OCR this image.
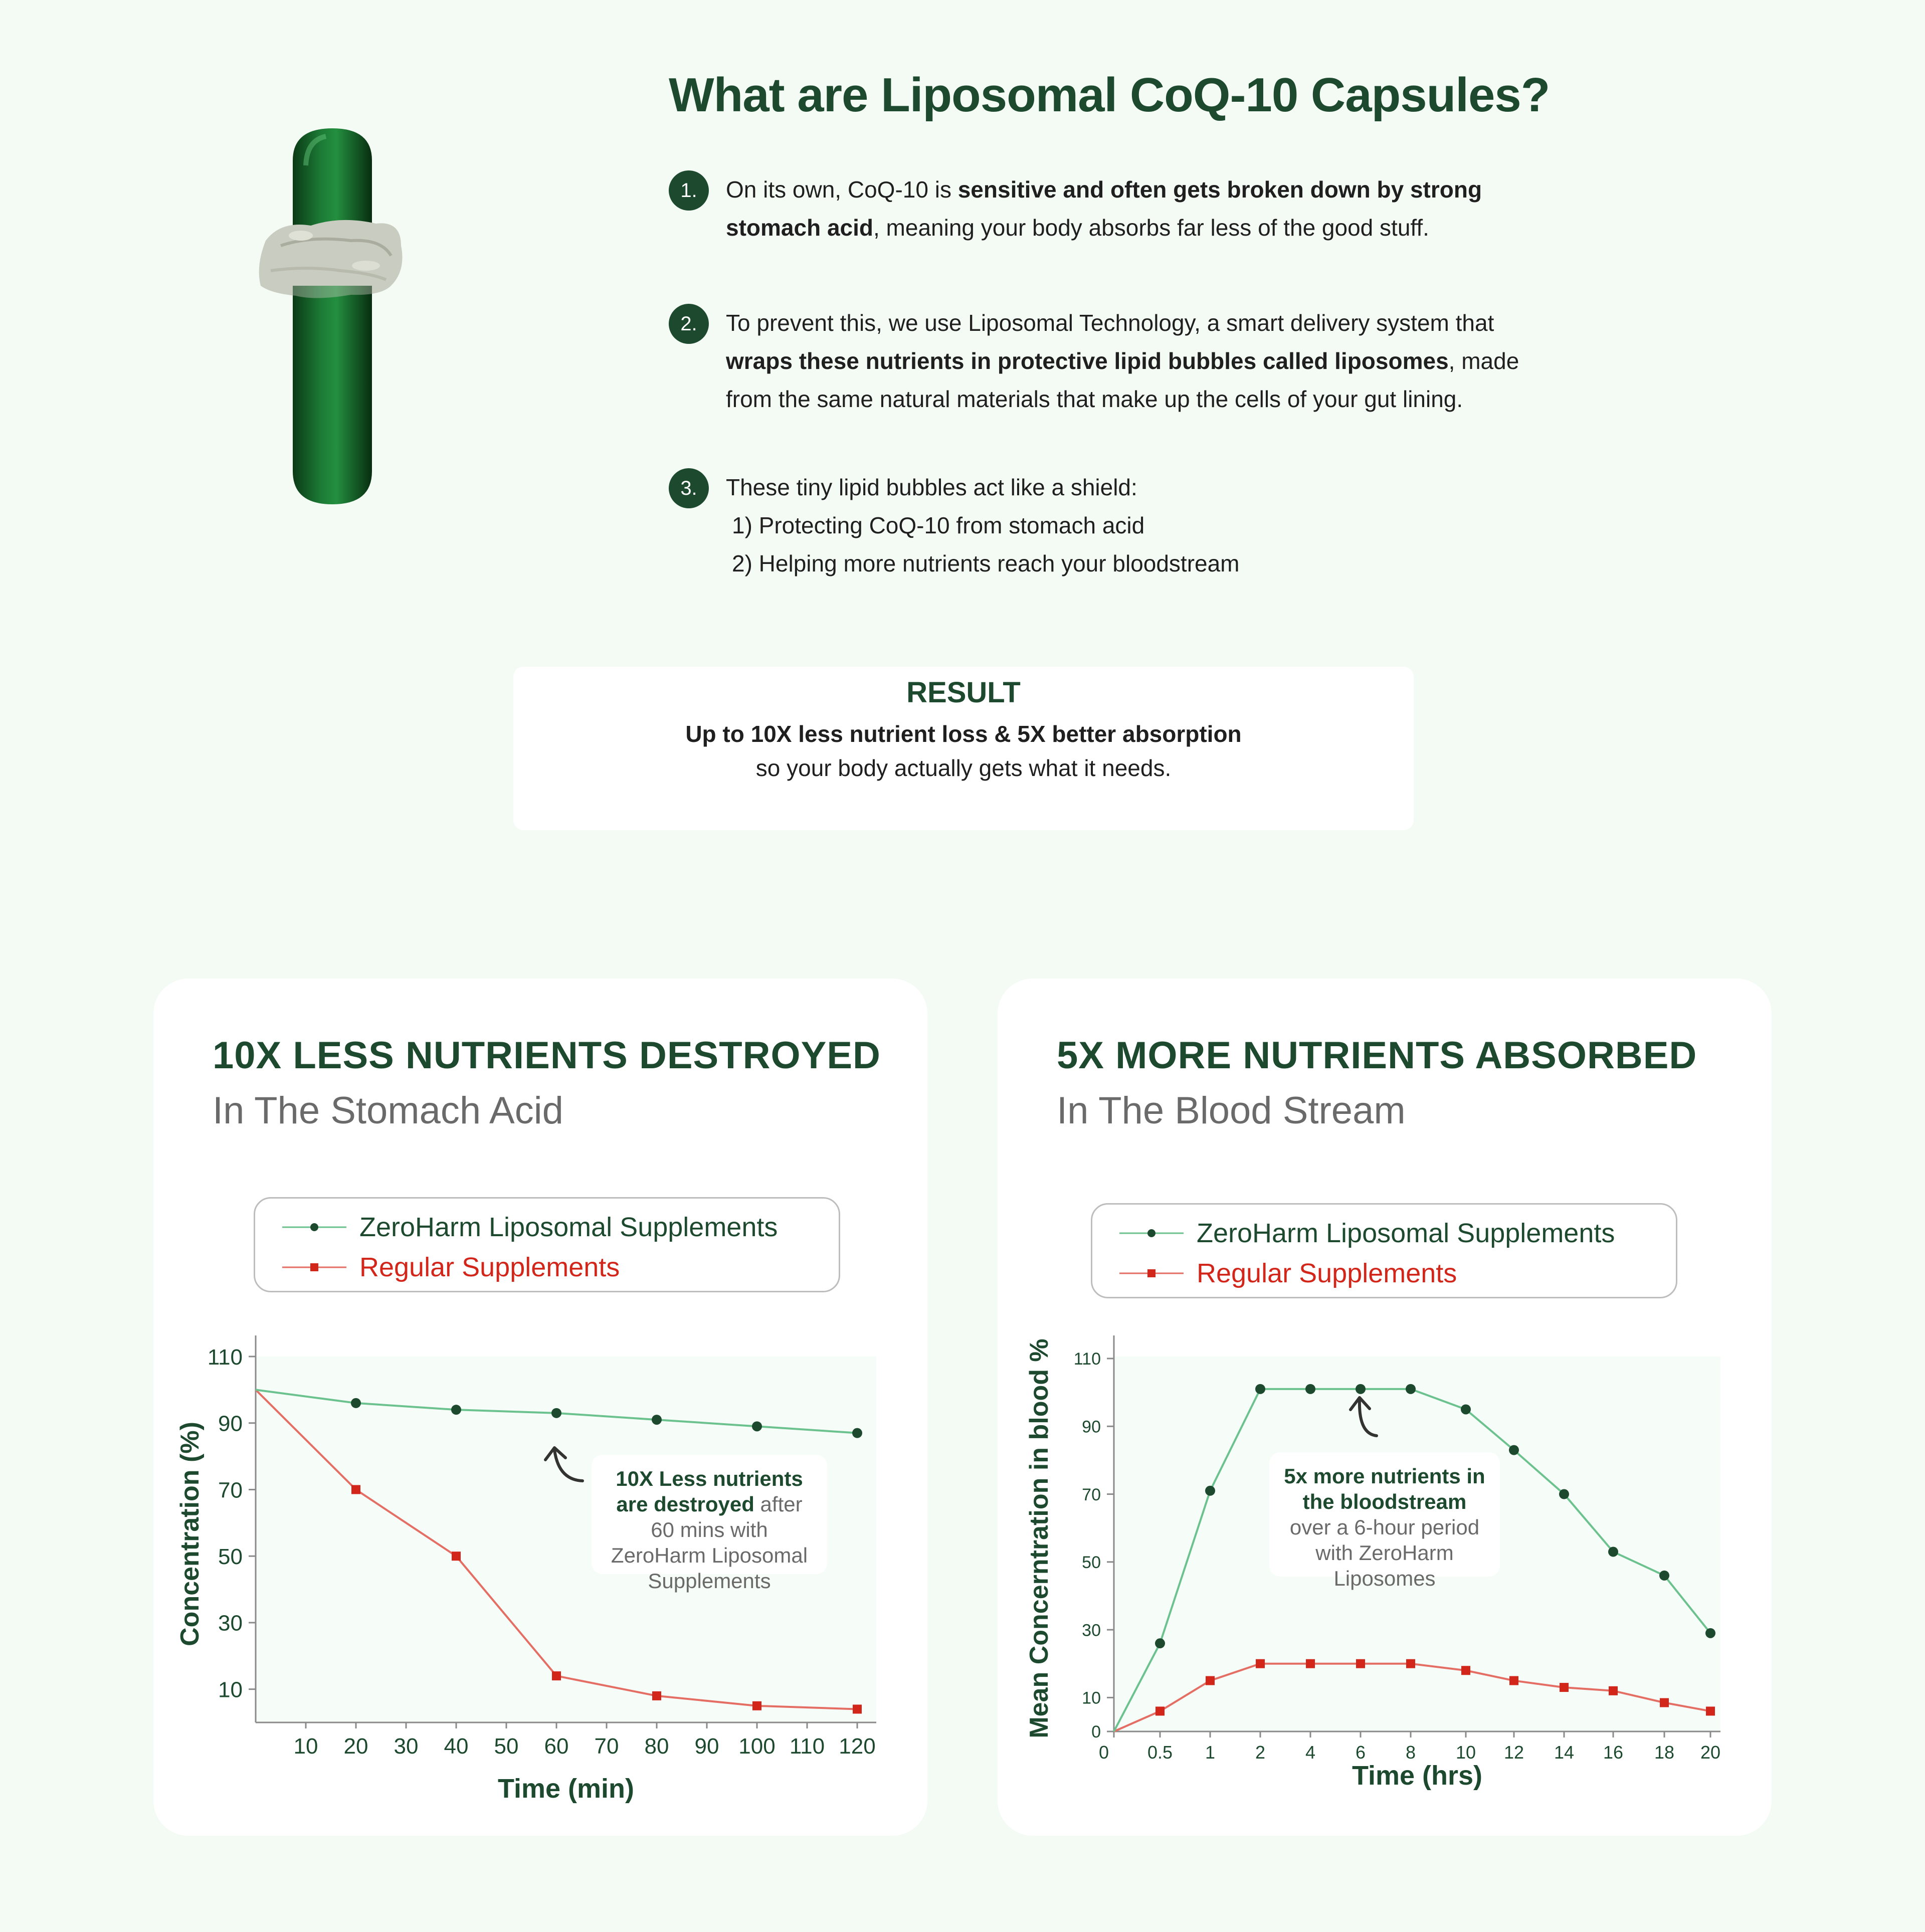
What are Liposomal CoQ-10 Capsules?
1.	On its own, CoQ-10 is sensitive and often gets broken down by strong
stomach acid, meaning your body absorbs far less of the good stuff.
2.	To prevent this, we use Liposomal Technology, a smart delivery system that
wraps these nutrients in protective lipid bubbles called liposomes, made
from the same natural materials that make up the cells of your gut lining.
3.	These tiny lipid bubbles act like a shield:
1) Protecting CoQ-10 from stomach acid
2) Helping more nutrients reach your bloodstream
RESULT
Up to 10X less nutrient loss & 5X better absorption
so your body actually gets what it needs.
10X LESS NUTRIENTS DESTROYED
In The Stomach Acid
ZeroHarm Liposomal Supplements
Regular Supplements
10
30
50
70
90
110
10 20 30 40 50 60 70 80 90 100 110 120
Time (min)
Concentration (%)	10X Less nutrients
are destroyed after
60 mins with
ZeroHarm Liposomal
Supplements
5X MORE NUTRIENTS ABSORBED
In The Blood Stream
ZeroHarm Liposomal Supplements
Regular Supplements
0
10
30
50
70
90
110
0 0.5 1 2 4 6 8 10 12 14 16 18 20
Time (hrs)
Mean Concerntration in blood %	5x more nutrients in
the bloodstream
over a 6-hour period
with ZeroHarm
Liposomes
